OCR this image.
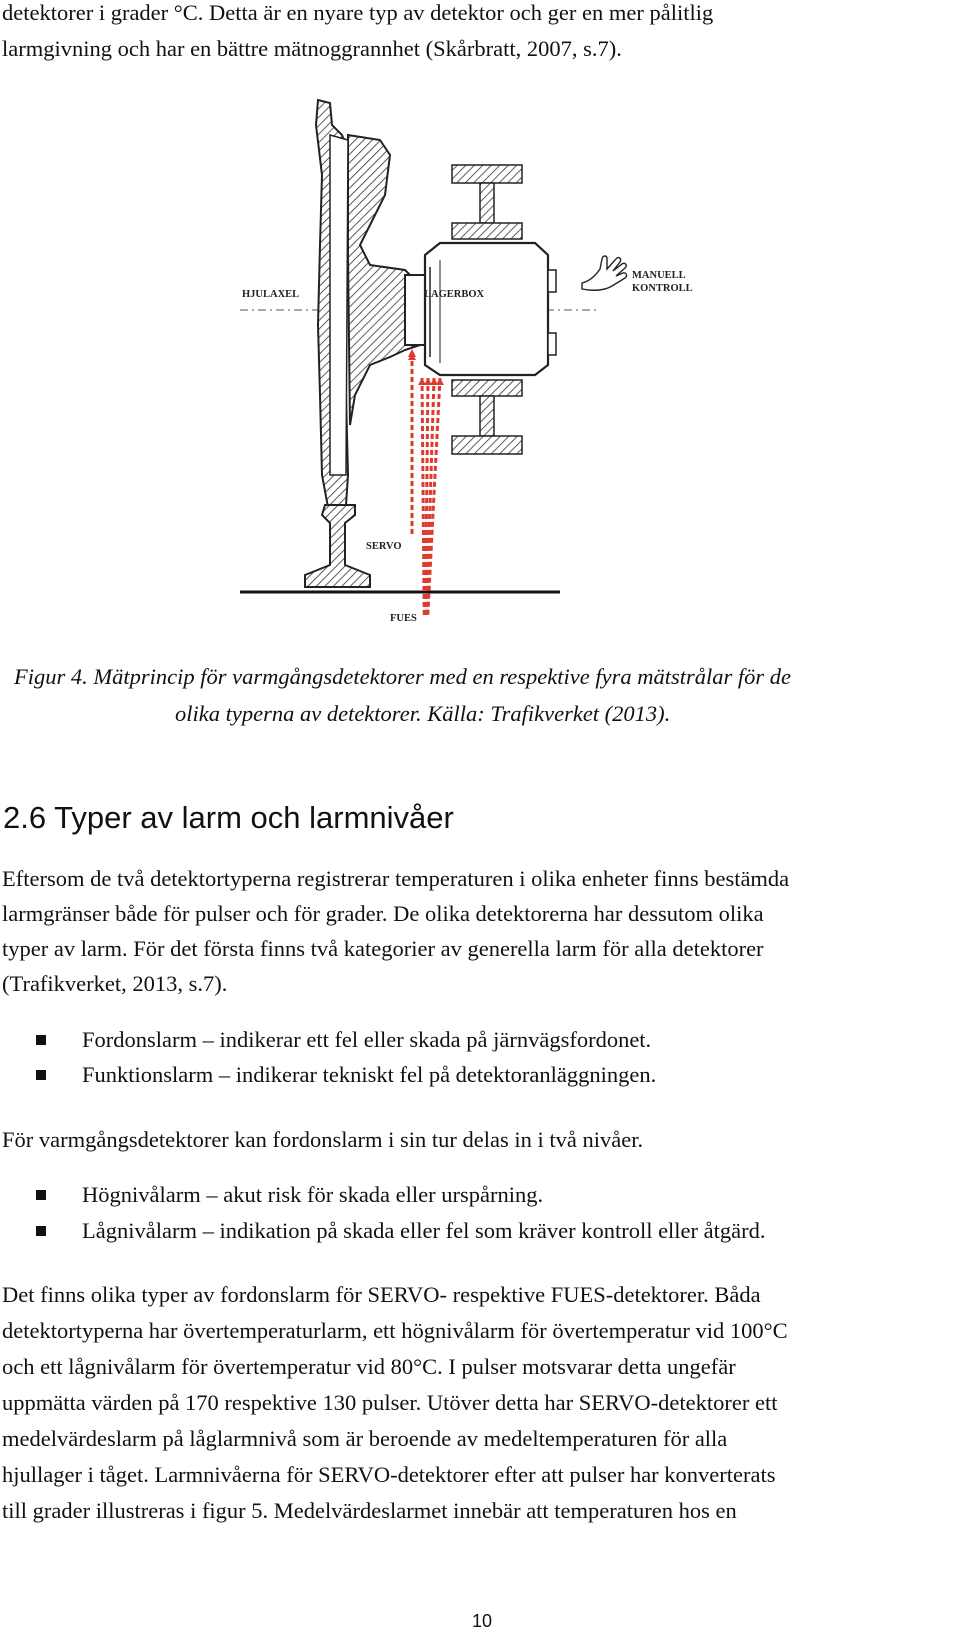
detektorer i grader °C. Detta är en nyare typ av detektor och ger en mer pålitlig
larmgivning och har en bättre mätnoggrannhet (Skårbratt, 2007, s.7).
HJULAXEL	LAGERBOX
MANUELL
KONTROLL
SERVO
FUES
Figur 4. Mätprincip för varmgångsdetektorer med en respektive fyra mätstrålar för de
olika typerna av detektorer. Källa: Trafikverket (2013).
2.6 Typer av larm och larmnivåer
Eftersom de två detektortyperna registrerar temperaturen i olika enheter finns bestämda
larmgränser både för pulser och för grader. De olika detektorerna har dessutom olika
typer av larm. För det första finns två kategorier av generella larm för alla detektorer
(Trafikverket, 2013, s.7).
Fordonslarm – indikerar ett fel eller skada på järnvägsfordonet.
Funktionslarm – indikerar tekniskt fel på detektoranläggningen.
För varmgångsdetektorer kan fordonslarm i sin tur delas in i två nivåer.
Högnivålarm – akut risk för skada eller urspårning.
Lågnivålarm – indikation på skada eller fel som kräver kontroll eller åtgärd.
Det finns olika typer av fordonslarm för SERVO- respektive FUES-detektorer. Båda
detektortyperna har övertemperaturlarm, ett högnivålarm för övertemperatur vid 100°C
och ett lågnivålarm för övertemperatur vid 80°C. I pulser motsvarar detta ungefär
uppmätta värden på 170 respektive 130 pulser. Utöver detta har SERVO-detektorer ett
medelvärdeslarm på låglarmnivå som är beroende av medeltemperaturen för alla
hjullager i tåget. Larmnivåerna för SERVO-detektorer efter att pulser har konverterats
till grader illustreras i figur 5. Medelvärdeslarmet innebär att temperaturen hos en
10
